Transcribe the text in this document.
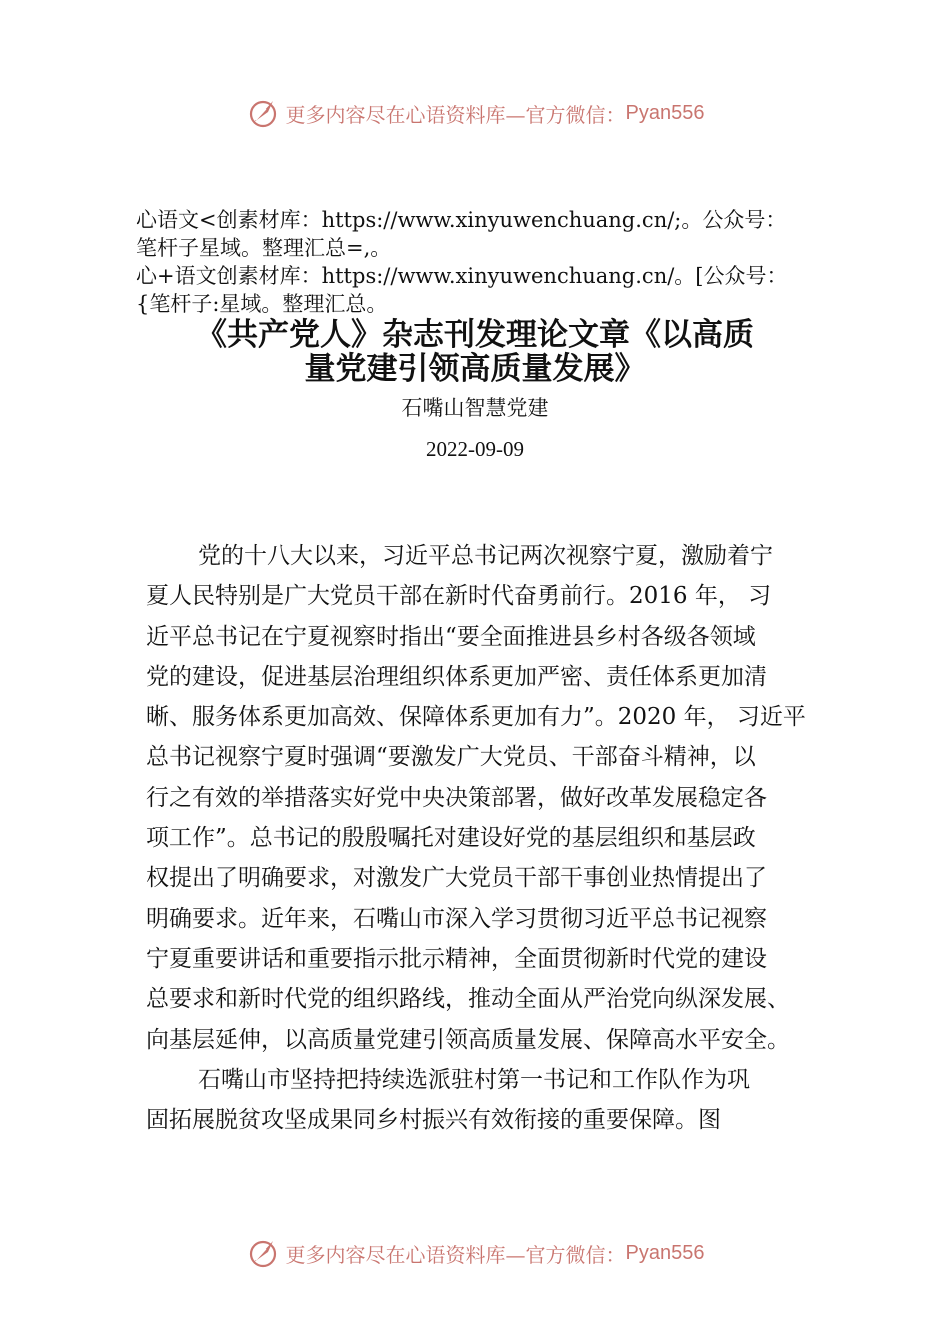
更多内容尽在心语资料库—官方微信： Pyan556

心语文<创素材库：https://www.xinyuwenchuang.cn/;。公众号：

笔杆子星域。整理汇总=,。

心+语文创素材库：https://www.xinyuwenchuang.cn/。[公众号：

{笔杆子:星域。整理汇总。

《共产党人》杂志刊发理论文章《以高质
量党建引领高质量发展》
石嘴山智慧党建
2022-09-09

党的十八大以来，习近平总书记两次视察宁夏，激励着宁
夏人民特别是广大党员干部在新时代奋勇前行。2016 年， 习
近平总书记在宁夏视察时指出“要全面推进县乡村各级各领域
党的建设，促进基层治理组织体系更加严密、责任体系更加清
晰、服务体系更加高效、保障体系更加有力”。2020 年， 习近平
总书记视察宁夏时强调“要激发广大党员、干部奋斗精神，以
行之有效的举措落实好党中央决策部署，做好改革发展稳定各
项工作”。总书记的殷殷嘱托对建设好党的基层组织和基层政
权提出了明确要求，对激发广大党员干部干事创业热情提出了
明确要求。近年来，石嘴山市深入学习贯彻习近平总书记视察
宁夏重要讲话和重要指示批示精神，全面贯彻新时代党的建设
总要求和新时代党的组织路线，推动全面从严治党向纵深发展、
向基层延伸，以高质量党建引领高质量发展、保障高水平安全。

石嘴山市坚持把持续选派驻村第一书记和工作队作为巩
固拓展脱贫攻坚成果同乡村振兴有效衔接的重要保障。图

更多内容尽在心语资料库—官方微信： Pyan556
